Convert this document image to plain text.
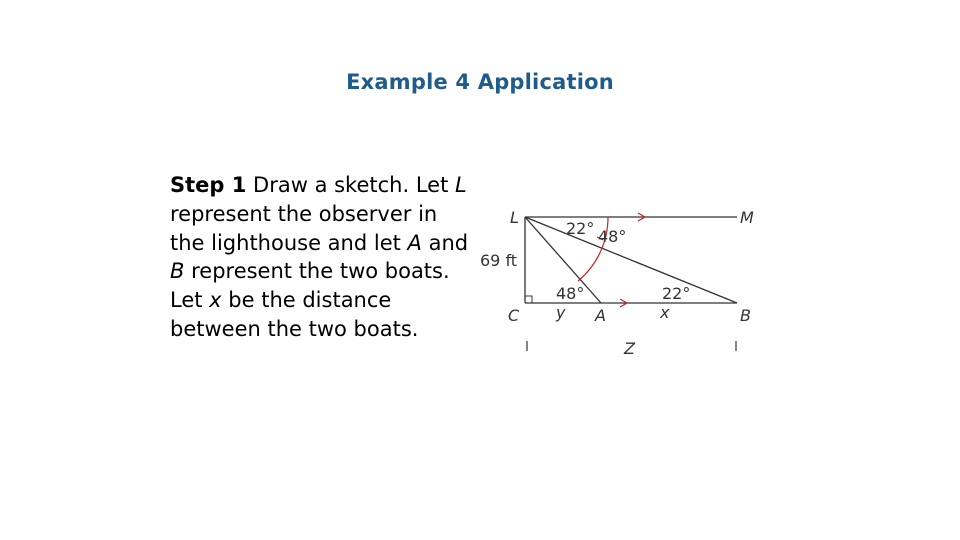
Example 4 Application
Step 1 Draw a sketch. Let L represent the observer in the lighthouse and let A and B represent the two boats. Let x be the distance between the two boats.
L	M
69 ft
22° 48°
48°	22°
C y A	x	B
Z
